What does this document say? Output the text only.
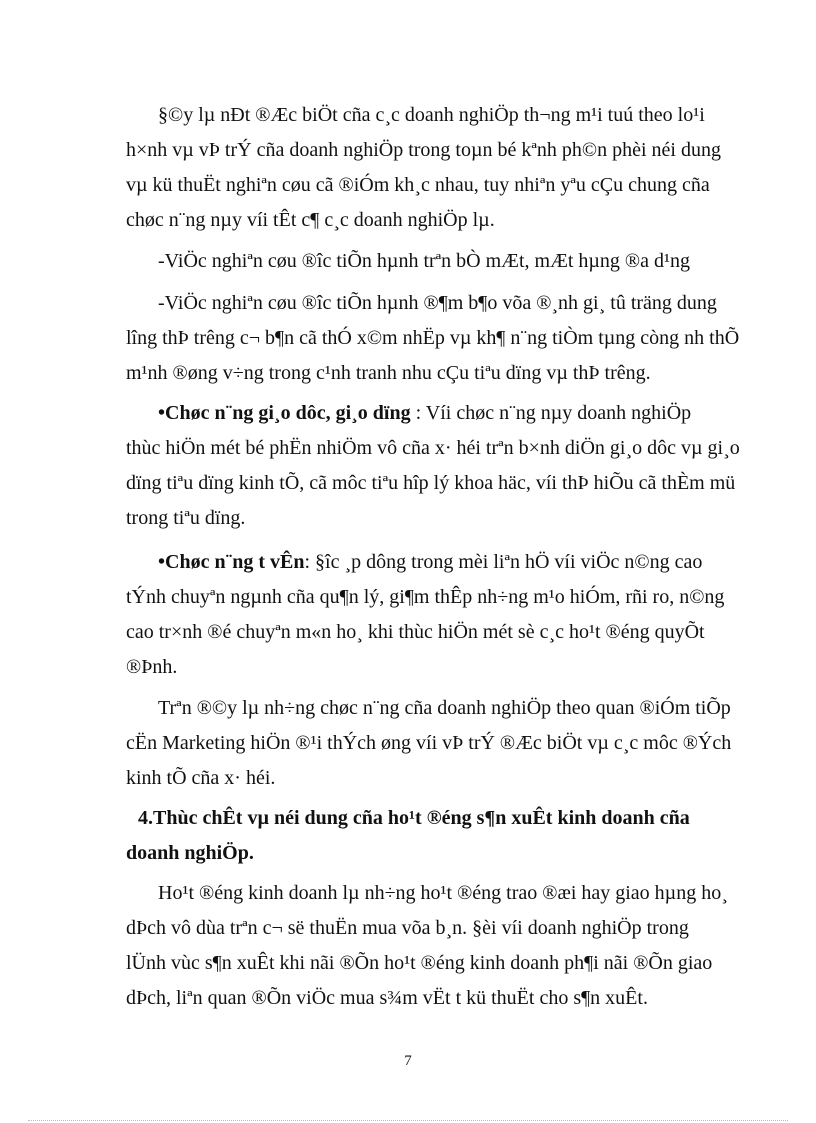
§©y lµ nÐt ®Æc biÖt cña c¸c doanh nghiÖp th¬ng m¹i tuú theo lo¹i
h×nh vµ vÞ trÝ cña doanh nghiÖp trong toµn bé kªnh ph©n phèi néi dung
vµ kü thuËt nghiªn cøu cã ®iÓm kh¸c nhau, tuy nhiªn yªu cÇu chung cña
chøc n¨ng nµy víi tÊt c¶ c¸c doanh nghiÖp lµ.

-ViÖc nghiªn cøu ®îc tiÕn hµnh trªn bÒ mÆt, mÆt hµng ®a d¹ng

-ViÖc nghiªn cøu ®îc tiÕn hµnh ®¶m b¶o võa ®¸nh gi¸ tû träng dung
lîng thÞ trêng c¬ b¶n cã thÓ x©m nhËp vµ kh¶ n¨ng tiÒm tµng còng nh thÕ
m¹nh ®øng v÷ng trong c¹nh tranh nhu cÇu tiªu dïng vµ thÞ trêng.

•Chøc n¨ng gi¸o dôc, gi¸o dïng : Víi chøc n¨ng nµy doanh nghiÖp
thùc hiÖn mét bé phËn nhiÖm vô cña x· héi trªn b×nh diÖn gi¸o dôc vµ gi¸o
dïng tiªu dïng kinh tÕ, cã môc tiªu hîp lý khoa häc, víi thÞ hiÕu cã thÈm mü
trong tiªu dïng.

•Chøc n¨ng t vÊn: §îc ¸p dông trong mèi liªn hÖ víi viÖc n©ng cao
tÝnh chuyªn ngµnh cña qu¶n lý, gi¶m thÊp nh÷ng m¹o hiÓm, rñi ro, n©ng
cao tr×nh ®é chuyªn m«n ho¸ khi thùc hiÖn mét sè c¸c ho¹t ®éng quyÕt
®Þnh.

Trªn ®©y lµ nh÷ng chøc n¨ng cña doanh nghiÖp theo quan ®iÓm tiÕp
cËn Marketing hiÖn ®¹i thÝch øng víi vÞ trÝ ®Æc biÖt vµ c¸c môc ®Ých
kinh tÕ cña x· héi.

4.Thùc chÊt vµ néi dung cña ho¹t ®éng s¶n xuÊt kinh doanh cña
doanh nghiÖp.

Ho¹t ®éng kinh doanh lµ nh÷ng ho¹t ®éng trao ®æi hay giao hµng ho¸
dÞch vô dùa trªn c¬ së thuËn mua võa b¸n. §èi víi doanh nghiÖp trong
lÜnh vùc s¶n xuÊt khi nãi ®Õn ho¹t ®éng kinh doanh ph¶i nãi ®Õn giao
dÞch, liªn quan ®Õn viÖc mua s¾m vËt t kü thuËt cho s¶n xuÊt.

7
